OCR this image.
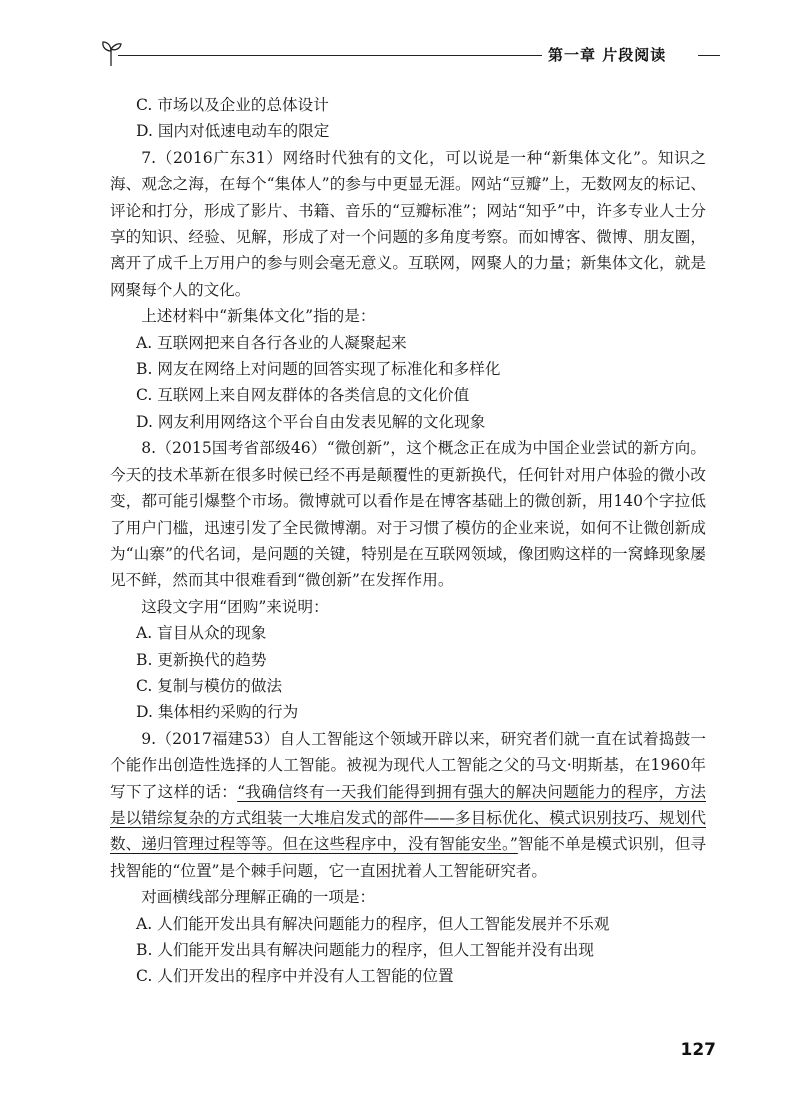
第一章 片段阅读

C. 市场以及企业的总体设计

D. 国内对低速电动车的限定

7.（2016广东31）网络时代独有的文化，可以说是一种“新集体文化”。知识之海、观念之海，在每个“集体人”的参与中更显无涯。网站“豆瓣”上，无数网友的标记、评论和打分，形成了影片、书籍、音乐的“豆瓣标准”；网站“知乎”中，许多专业人士分享的知识、经验、见解，形成了对一个问题的多角度考察。而如博客、微博、朋友圈，离开了成千上万用户的参与则会毫无意义。互联网，网聚人的力量；新集体文化，就是网聚每个人的文化。

上述材料中“新集体文化”指的是：

A. 互联网把来自各行各业的人凝聚起来

B. 网友在网络上对问题的回答实现了标准化和多样化

C. 互联网上来自网友群体的各类信息的文化价值

D. 网友利用网络这个平台自由发表见解的文化现象

8.（2015国考省部级46）“微创新”，这个概念正在成为中国企业尝试的新方向。今天的技术革新在很多时候已经不再是颠覆性的更新换代，任何针对用户体验的微小改变，都可能引爆整个市场。微博就可以看作是在博客基础上的微创新，用140个字拉低了用户门槛，迅速引发了全民微博潮。对于习惯了模仿的企业来说，如何不让微创新成为“山寨”的代名词，是问题的关键，特别是在互联网领域，像团购这样的一窝蜂现象屡见不鲜，然而其中很难看到“微创新”在发挥作用。

这段文字用“团购”来说明：

A. 盲目从众的现象

B. 更新换代的趋势

C. 复制与模仿的做法

D. 集体相约采购的行为

9.（2017福建53）自人工智能这个领域开辟以来，研究者们就一直在试着捣鼓一个能作出创造性选择的人工智能。被视为现代人工智能之父的马文·明斯基，在1960年写下了这样的话：“我确信终有一天我们能得到拥有强大的解决问题能力的程序，方法是以错综复杂的方式组装一大堆启发式的部件——多目标优化、模式识别技巧、规划代数、递归管理过程等等。但在这些程序中，没有智能安坐。”智能不单是模式识别，但寻找智能的“位置”是个棘手问题，它一直困扰着人工智能研究者。

对画横线部分理解正确的一项是：

A. 人们能开发出具有解决问题能力的程序，但人工智能发展并不乐观

B. 人们能开发出具有解决问题能力的程序，但人工智能并没有出现

C. 人们开发出的程序中并没有人工智能的位置

127
